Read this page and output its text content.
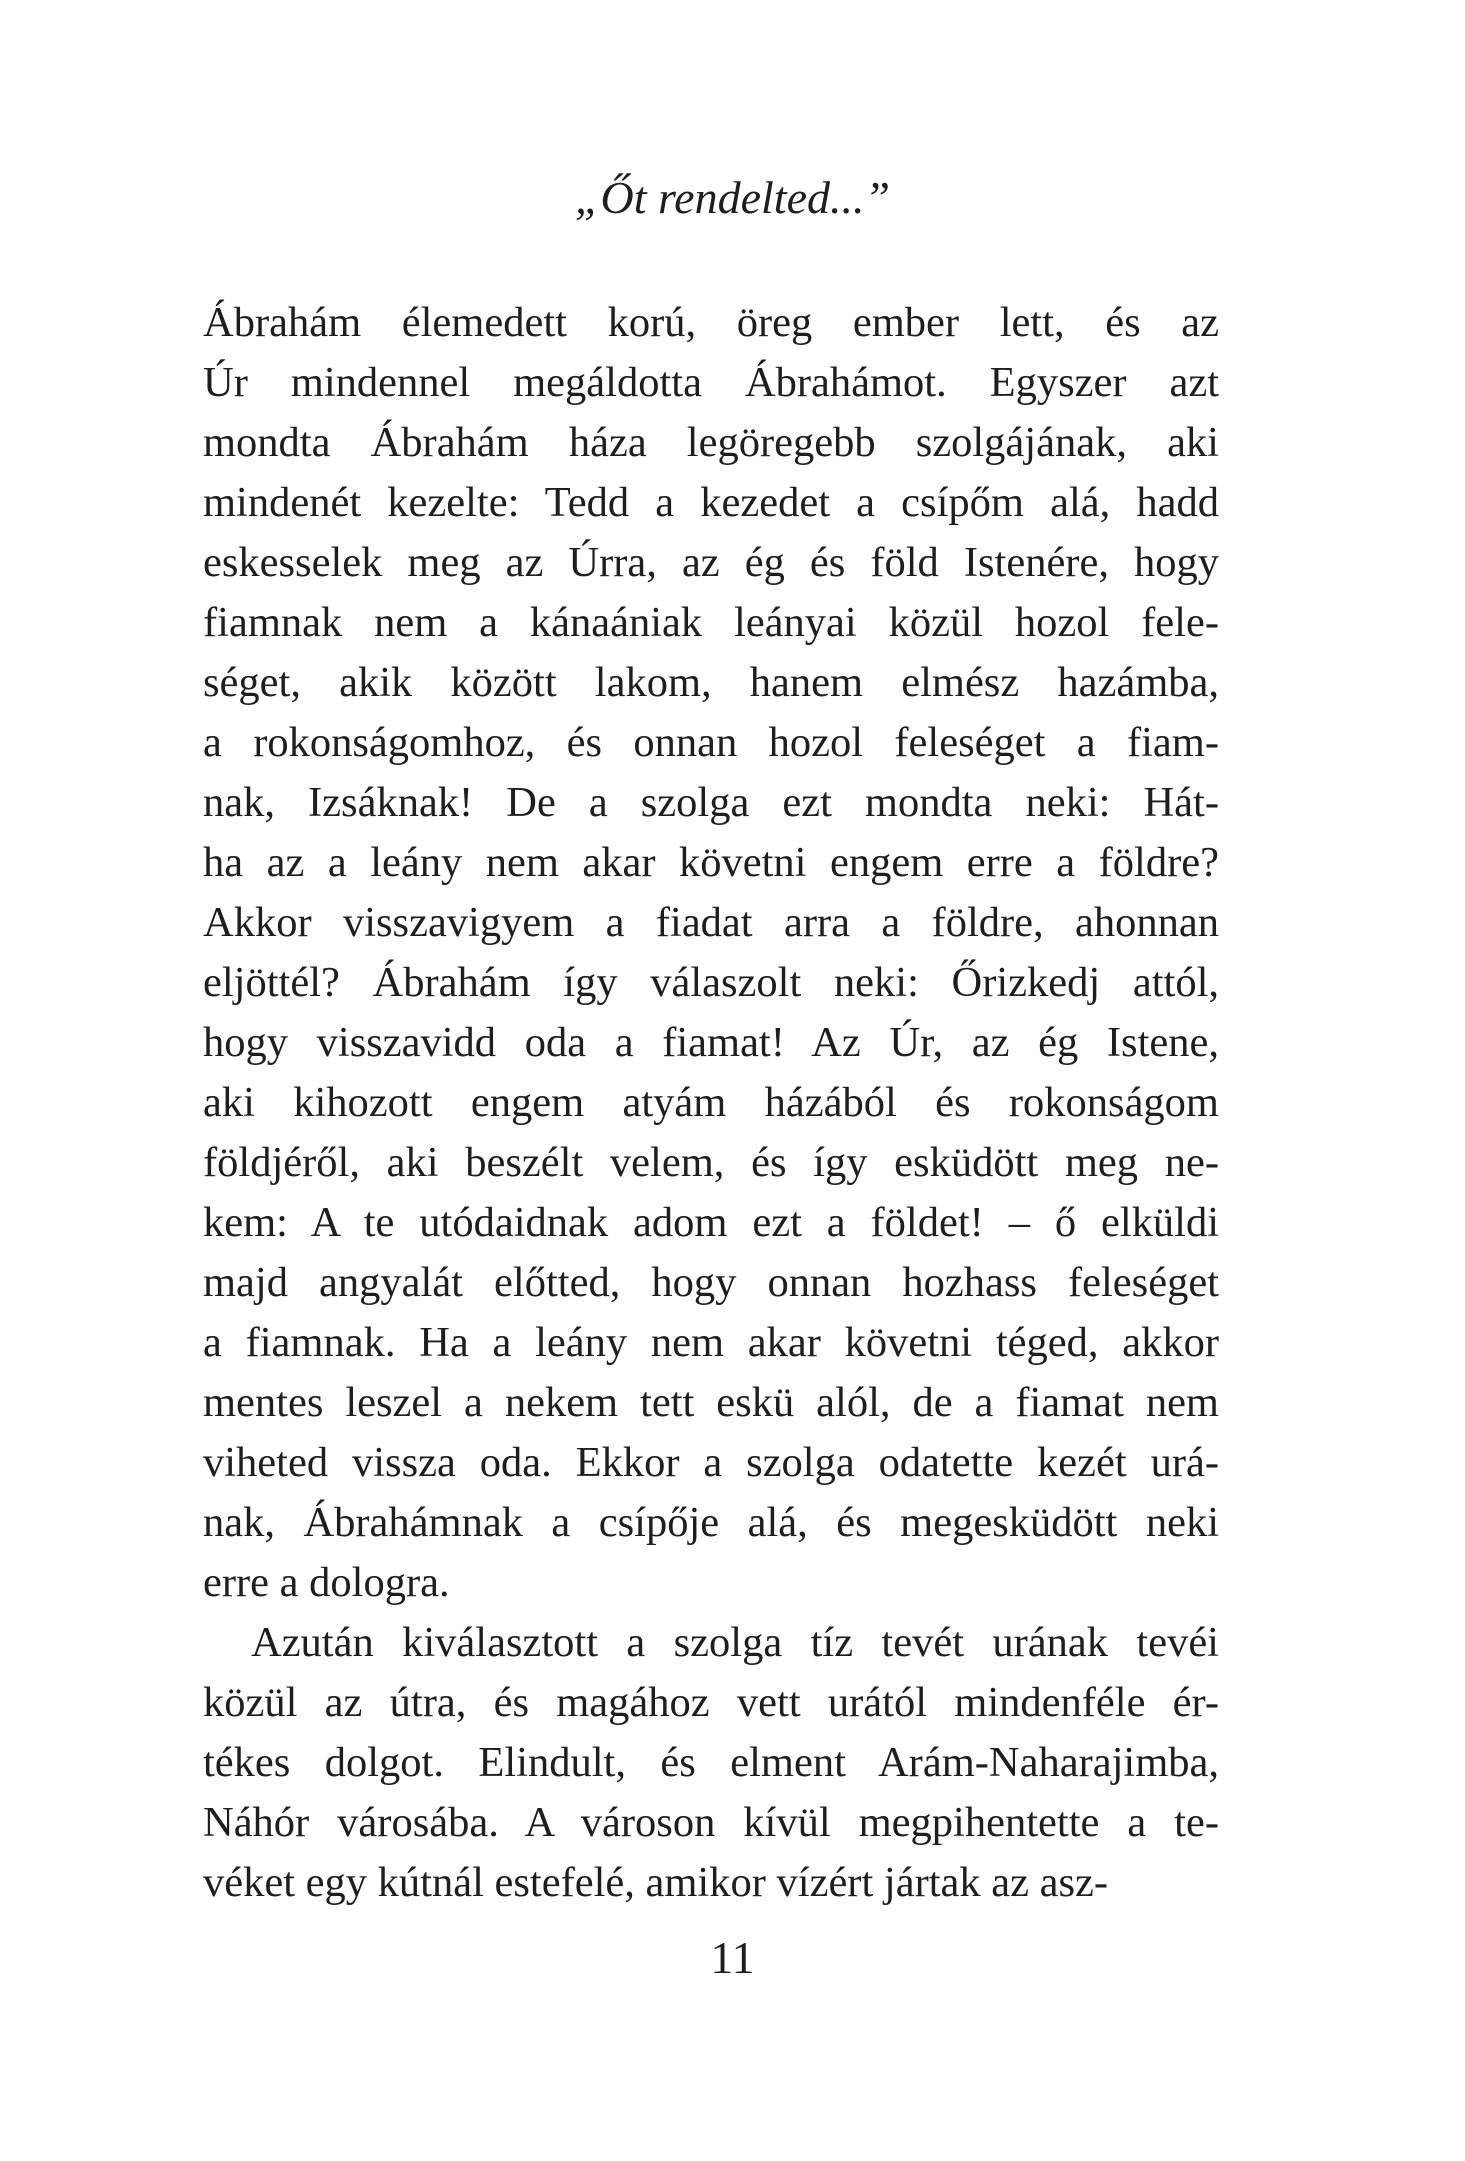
„Őt rendelted...”
Ábrahám élemedett korú, öreg ember lett, és az
Úr mindennel megáldotta Ábrahámot. Egyszer azt
mondta Ábrahám háza legöregebb szolgájának, aki
mindenét kezelte: Tedd a kezedet a csípőm alá, hadd
eskesselek meg az Úrra, az ég és föld Istenére, hogy
fiamnak nem a kánaániak leányai közül hozol fele-
séget, akik között lakom, hanem elmész hazámba,
a rokonságomhoz, és onnan hozol feleséget a fiam-
nak, Izsáknak! De a szolga ezt mondta neki: Hát-
ha az a leány nem akar követni engem erre a földre?
Akkor visszavigyem a fiadat arra a földre, ahonnan
eljöttél? Ábrahám így válaszolt neki: Őrizkedj attól,
hogy visszavidd oda a fiamat! Az Úr, az ég Istene,
aki kihozott engem atyám házából és rokonságom
földjéről, aki beszélt velem, és így esküdött meg ne-
kem: A te utódaidnak adom ezt a földet! – ő elküldi
majd angyalát előtted, hogy onnan hozhass feleséget
a fiamnak. Ha a leány nem akar követni téged, akkor
mentes leszel a nekem tett eskü alól, de a fiamat nem
viheted vissza oda. Ekkor a szolga odatette kezét urá-
nak, Ábrahámnak a csípője alá, és megesküdött neki
erre a dologra.
Azután kiválasztott a szolga tíz tevét urának tevéi
közül az útra, és magához vett urától mindenféle ér-
tékes dolgot. Elindult, és elment Arám-Naharajimba,
Náhór városába. A városon kívül megpihentette a te-
véket egy kútnál estefelé, amikor vízért jártak az asz-
11
